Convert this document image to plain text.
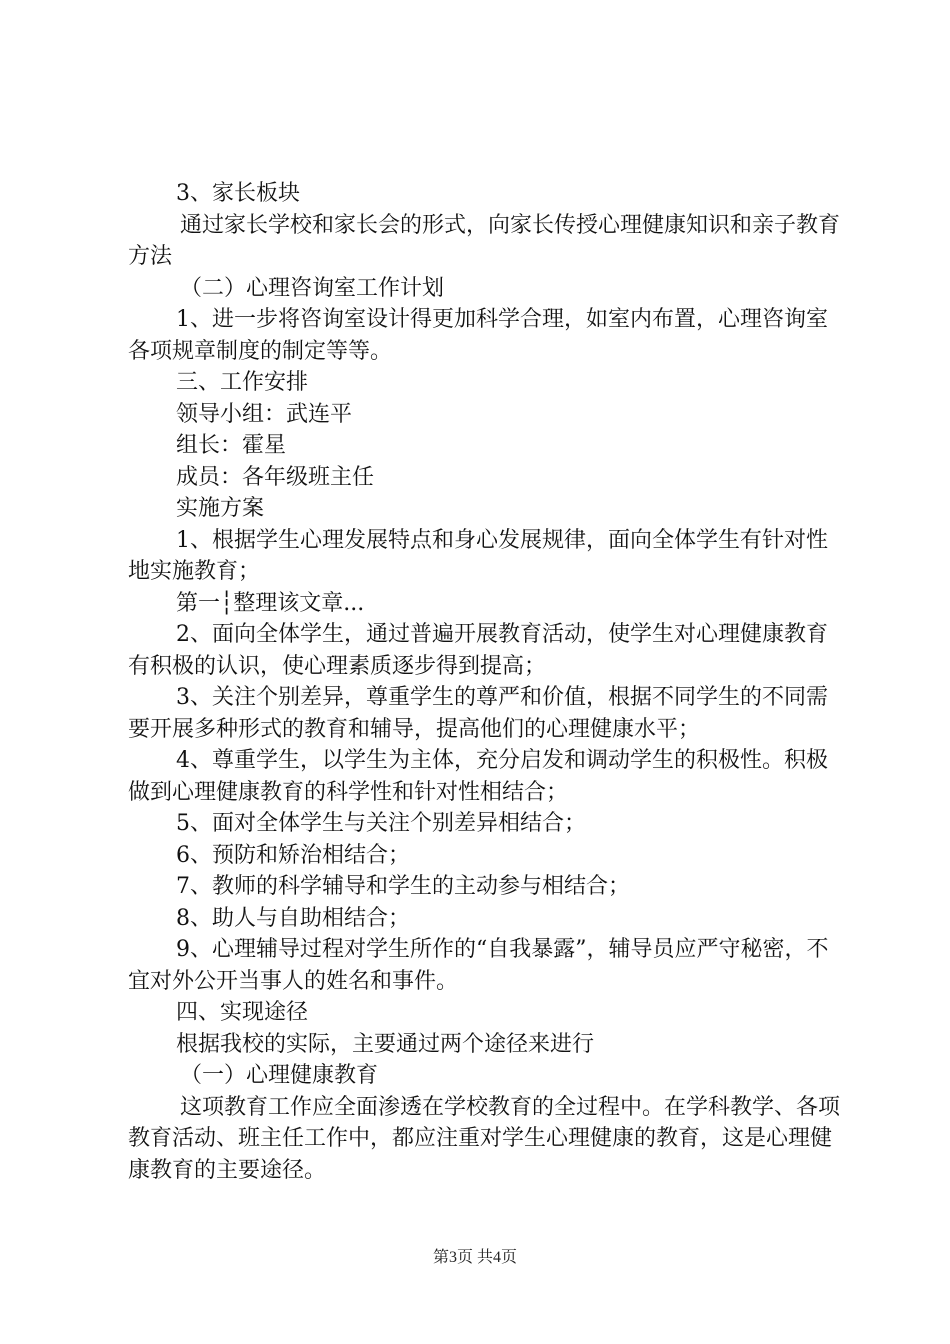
3、家长板块

通过家长学校和家长会的形式，向家长传授心理健康知识和亲子教育方法

（二）心理咨询室工作计划

1、进一步将咨询室设计得更加科学合理，如室内布置，心理咨询室各项规章制度的制定等等。

三、工作安排

领导小组：武连平

组长：霍星

成员：各年级班主任

实施方案

1、根据学生心理发展特点和身心发展规律，面向全体学生有针对性地实施教育；

第一┆整理该文章...

2、面向全体学生，通过普遍开展教育活动，使学生对心理健康教育有积极的认识，使心理素质逐步得到提高；

3、关注个别差异，尊重学生的尊严和价值，根据不同学生的不同需要开展多种形式的教育和辅导，提高他们的心理健康水平；

4、尊重学生，以学生为主体，充分启发和调动学生的积极性。积极做到心理健康教育的科学性和针对性相结合；

5、面对全体学生与关注个别差异相结合；

6、预防和矫治相结合；

7、教师的科学辅导和学生的主动参与相结合；

8、助人与自助相结合；

9、心理辅导过程对学生所作的“自我暴露”，辅导员应严守秘密，不宜对外公开当事人的姓名和事件。

四、实现途径

根据我校的实际，主要通过两个途径来进行

（一）心理健康教育

这项教育工作应全面渗透在学校教育的全过程中。在学科教学、各项教育活动、班主任工作中，都应注重对学生心理健康的教育，这是心理健康教育的主要途径。

第3页 共4页
